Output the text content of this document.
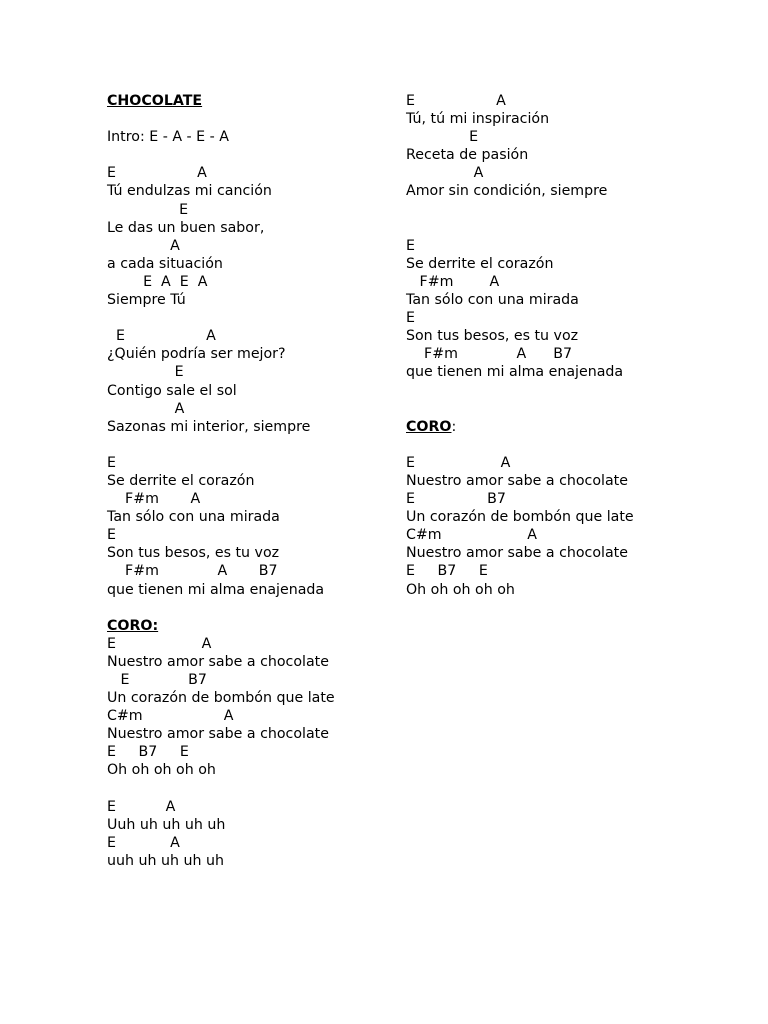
CHOCOLATE
Intro: E - A - E - A
E                  A
Tú endulzas mi canción
E
Le das un buen sabor,
A
a cada situación
E  A  E  A
Siempre Tú
E                  A
¿Quién podría ser mejor?
E
Contigo sale el sol
A
Sazonas mi interior, siempre
E
Se derrite el corazón
F#m       A
Tan sólo con una mirada
E
Son tus besos, es tu voz
F#m             A       B7
que tienen mi alma enajenada
CORO:
E                   A
Nuestro amor sabe a chocolate
E             B7
Un corazón de bombón que late
C#m                  A
Nuestro amor sabe a chocolate
E     B7     E
Oh oh oh oh oh
E           A
Uuh uh uh uh uh
E            A
uuh uh uh uh uh
E                  A
Tú, tú mi inspiración
E
Receta de pasión
A
Amor sin condición, siempre
E
Se derrite el corazón
F#m        A
Tan sólo con una mirada
E
Son tus besos, es tu voz
F#m             A      B7
que tienen mi alma enajenada
CORO:
E                   A
Nuestro amor sabe a chocolate
E                B7
Un corazón de bombón que late
C#m                   A
Nuestro amor sabe a chocolate
E     B7     E
Oh oh oh oh oh
